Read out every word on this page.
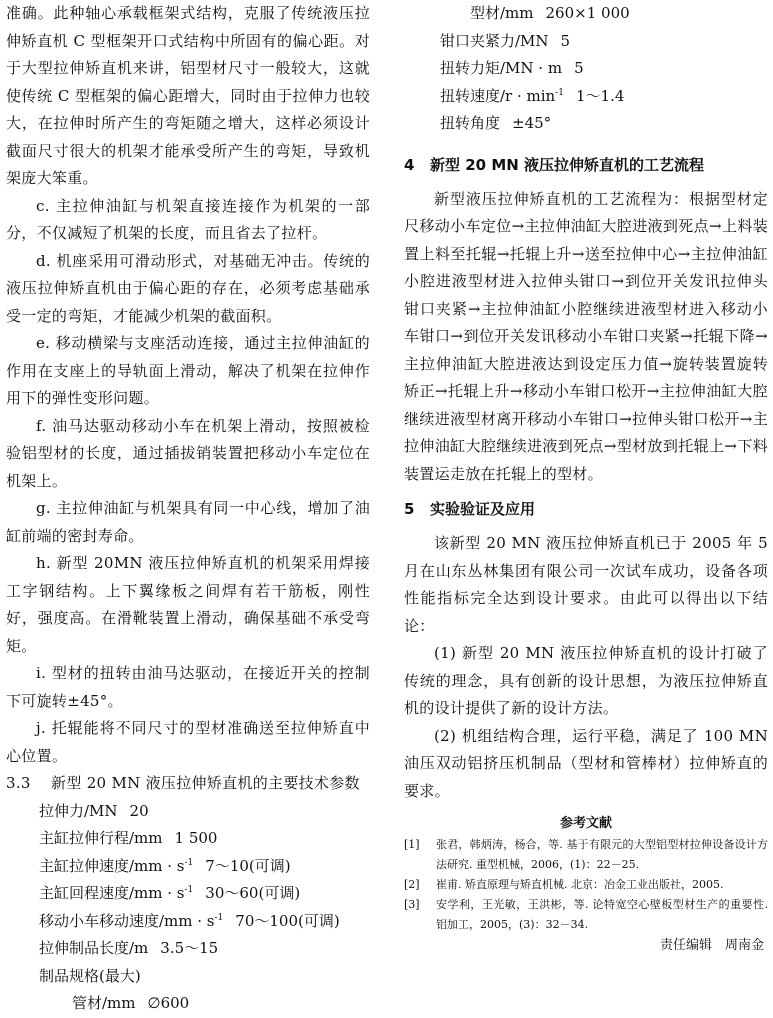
准确。此种轴心承载框架式结构，克服了传统液压拉伸矫直机 C 型框架开口式结构中所固有的偏心距。对于大型拉伸矫直机来讲，铝型材尺寸一般较大，这就使传统 C 型框架的偏心距增大，同时由于拉伸力也较大，在拉伸时所产生的弯矩随之增大，这样必须设计截面尺寸很大的机架才能承受所产生的弯矩，导致机架庞大笨重。

c. 主拉伸油缸与机架直接连接作为机架的一部分，不仅减短了机架的长度，而且省去了拉杆。

d. 机座采用可滑动形式，对基础无冲击。传统的液压拉伸矫直机由于偏心距的存在，必须考虑基础承受一定的弯矩，才能减少机架的截面积。

e. 移动横梁与支座活动连接，通过主拉伸油缸的作用在支座上的导轨面上滑动，解决了机架在拉伸作用下的弹性变形问题。

f. 油马达驱动移动小车在机架上滑动，按照被检验铝型材的长度，通过插拔销装置把移动小车定位在机架上。

g. 主拉伸油缸与机架具有同一中心线，增加了油缸前端的密封寿命。

h. 新型 20MN 液压拉伸矫直机的机架采用焊接工字钢结构。上下翼缘板之间焊有若干筋板，刚性好，强度高。在滑靴装置上滑动，确保基础不承受弯矩。

i. 型材的扭转由油马达驱动，在接近开关的控制下可旋转±45°。

j. 托辊能将不同尺寸的型材准确送至拉伸矫直中心位置。

3.3 新型 20 MN 液压拉伸矫直机的主要技术参数

拉伸力/MN 20
主缸拉伸行程/mm 1 500
主缸拉伸速度$/mm \cdot s^{-1}$ 7～10(可调)
主缸回程速度$/mm \cdot s^{-1}$ 30～60(可调)
移动小车移动速度$/mm \cdot s^{-1}$ 70～100(可调)
拉伸制品长度/m 3.5～15
制品规格(最大)
管材/mm ∅600
型材/mm 260×1 000
钳口夹紧力/MN 5
扭转力矩/MN · m 5
扭转速度$/r \cdot \min^{-1}$ 1～1.4
扭转角度 ±45°
4 新型 20 MN 液压拉伸矫直机的工艺流程

新型液压拉伸矫直机的工艺流程为：根据型材定尺移动小车定位→主拉伸油缸大腔进液到死点→上料装置上料至托辊→托辊上升→送至拉伸中心→主拉伸油缸小腔进液型材进入拉伸头钳口→到位开关发讯拉伸头钳口夹紧→主拉伸油缸小腔继续进液型材进入移动小车钳口→到位开关发讯移动小车钳口夹紧→托辊下降→主拉伸油缸大腔进液达到设定压力值→旋转装置旋转矫正→托辊上升→移动小车钳口松开→主拉伸油缸大腔继续进液型材离开移动小车钳口→拉伸头钳口松开→主拉伸油缸大腔继续进液到死点→型材放到托辊上→下料装置运走放在托辊上的型材。

5 实验验证及应用

该新型 20 MN 液压拉伸矫直机已于 2005 年 5 月在山东丛林集团有限公司一次试车成功，设备各项性能指标完全达到设计要求。由此可以得出以下结论：

(1) 新型 20 MN 液压拉伸矫直机的设计打破了传统的理念，具有创新的设计思想，为液压拉伸矫直机的设计提供了新的设计方法。

(2) 机组结构合理，运行平稳，满足了 100 MN 油压双动铝挤压机制品（型材和管棒材）拉伸矫直的要求。

参考文献
[1] 张君，韩炳涛，杨合，等. 基于有限元的大型铝型材拉伸设备设计方法研究. 重型机械，2006，(1)：22－25.
[2] 崔甫. 矫直原理与矫直机械. 北京：冶金工业出版社，2005.
[3] 安学利，王光敏，王洪彬，等. 论特宽空心壁板型材生产的重要性. 铝加工，2005，(3)：32－34.
责任编辑　周南金
